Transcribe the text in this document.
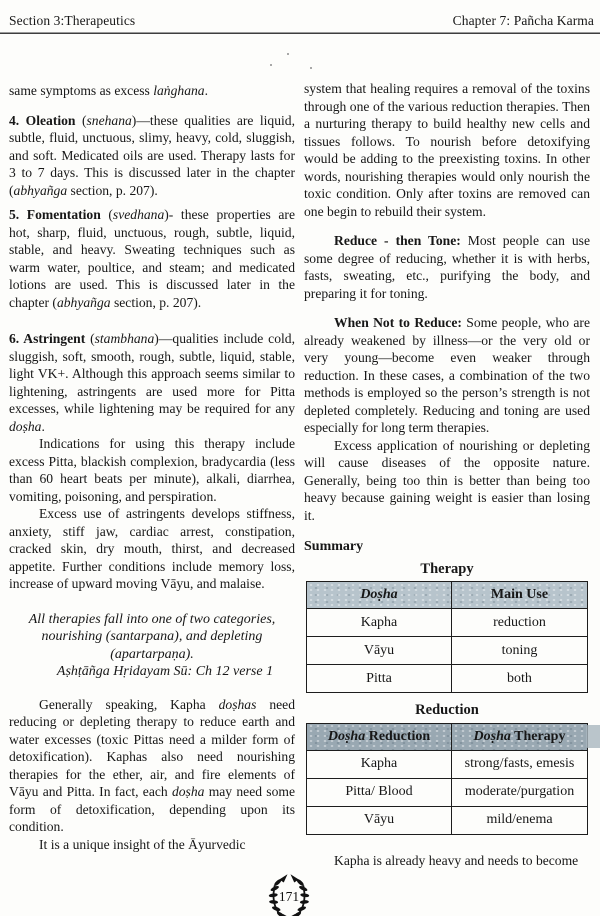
Section 3:Therapeutics	Chapter 7: Pañcha Karma

same symptoms as excess laṅghana.

4. Oleation (snehana)—these qualities are liquid, subtle, fluid, unctuous, slimy, heavy, cold, sluggish, and soft. Medicated oils are used. Therapy lasts for 3 to 7 days. This is discussed later in the chapter (abhyañga section, p. 207).

5. Fomentation (svedhana)- these properties are hot, sharp, fluid, unctuous, rough, subtle, liquid, stable, and heavy. Sweating techniques such as warm water, poultice, and steam; and medicated lotions are used. This is discussed later in the chapter (abhyañga section, p. 207).

6. Astringent (stambhana)—qualities include cold, sluggish, soft, smooth, rough, subtle, liquid, stable, light VK+. Although this approach seems similar to lightening, astringents are used more for Pitta excesses, while lightening may be required for any doṣha.

Indications for using this therapy include excess Pitta, blackish complexion, bradycardia (less than 60 heart beats per minute), alkali, diarrhea, vomiting, poisoning, and perspiration.

Excess use of astringents develops stiffness, anxiety, stiff jaw, cardiac arrest, constipation, cracked skin, dry mouth, thirst, and decreased appetite. Further conditions include memory loss, increase of upward moving Vāyu, and malaise.

All therapies fall into one of two categories,
nourishing (santarpana), and depleting
(apartarpaṇa).
Aṣhṭāñga Hṛidayam Sū: Ch 12 verse 1

Generally speaking, Kapha doṣhas need reducing or depleting therapy to reduce earth and water excesses (toxic Pittas need a milder form of detoxification). Kaphas also need nourishing therapies for the ether, air, and fire elements of Vāyu and Pitta. In fact, each doṣha may need some form of detoxification, depending upon its condition.

It is a unique insight of the Āyurvedic

system that healing requires a removal of the toxins through one of the various reduction therapies. Then a nurturing therapy to build healthy new cells and tissues follows. To nourish before detoxifying would be adding to the preexisting toxins. In other words, nourishing therapies would only nourish the toxic condition. Only after toxins are removed can one begin to rebuild their system.

Reduce - then Tone: Most people can use some degree of reducing, whether it is with herbs, fasts, sweating, etc., purifying the body, and preparing it for toning.

When Not to Reduce: Some people, who are already weakened by illness—or the very old or very young—become even weaker through reduction. In these cases, a combination of the two methods is employed so the person’s strength is not depleted completely. Reducing and toning are used especially for long term therapies.

Excess application of nourishing or depleting will cause diseases of the opposite nature. Generally, being too thin is better than being too heavy because gaining weight is easier than losing it.

Summary
Therapy
Doṣha	Main Use
Kapha	reduction
Vāyu	toning
Pitta	both
Reduction
Doṣha Reduction	Doṣha Therapy
Kapha	strong/fasts, emesis
Pitta/ Blood	moderate/purgation
Vāyu	mild/enema

Kapha is already heavy and needs to become

171
